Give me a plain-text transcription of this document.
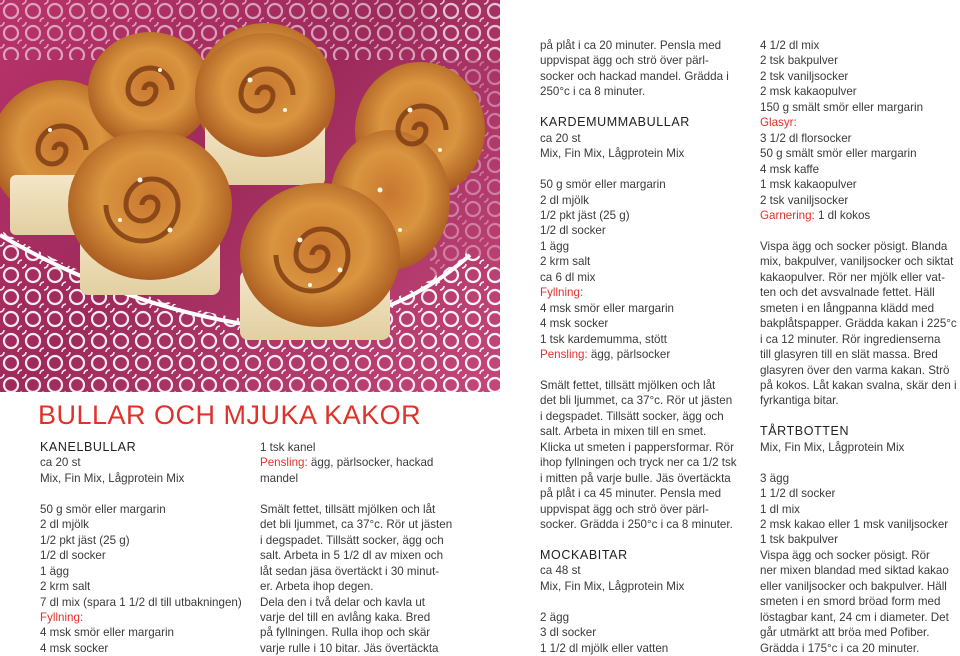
BULLAR OCH MJUKA KAKOR
KANELBULLAR

ca 20 st

Mix, Fin Mix, Lågprotein Mix

50 g smör eller margarin

2 dl mjölk

1/2 pkt jäst (25 g)

1/2 dl socker

1 ägg

2 krm salt

7 dl mix (spara 1 1/2 dl till utbakningen)

Fyllning:

4 msk smör eller margarin

4 msk socker

1 tsk kanel

Pensling: ägg, pärlsocker, hackad

mandel

Smält fettet, tillsätt mjölken och låt

det bli ljummet, ca 37°c. Rör ut jästen

i degspadet. Tillsätt socker, ägg och

salt. Arbeta in 5 1/2 dl av mixen och

låt sedan jäsa övertäckt i 30 minut-

er. Arbeta ihop degen.

Dela den i två delar och kavla ut

varje del till en avlång kaka. Bred

på fyllningen. Rulla ihop och skär

varje rulle i 10 bitar. Jäs övertäckta

på plåt i ca 20 minuter. Pensla med

uppvispat ägg och strö över pärl-

socker och hackad mandel. Grädda i

250°c i ca 8 minuter.

KARDEMUMMABULLAR

ca 20 st

Mix, Fin Mix, Lågprotein Mix

50 g smör eller margarin

2 dl mjölk

1/2 pkt jäst (25 g)

1/2 dl socker

1 ägg

2 krm salt

ca 6 dl mix

Fyllning:

4 msk smör eller margarin

4 msk socker

1 tsk kardemumma, stött

Pensling: ägg, pärlsocker

Smält fettet, tillsätt mjölken och låt

det bli ljummet, ca 37°c. Rör ut jästen

i degspadet. Tillsätt socker, ägg och

salt. Arbeta in mixen till en smet.

Klicka ut smeten i pappersformar. Rör

ihop fyllningen och tryck ner ca 1/2 tsk

i mitten på varje bulle. Jäs övertäckta

på plåt i ca 45 minuter. Pensla med

uppvispat ägg och strö över pärl-

socker. Grädda i 250°c i ca 8 minuter.

MOCKABITAR

ca 48 st

Mix, Fin Mix, Lågprotein Mix

2 ägg

3 dl socker

1 1/2 dl mjölk eller vatten

4 1/2 dl mix

2 tsk bakpulver

2 tsk vaniljsocker

2 msk kakaopulver

150 g smält smör eller margarin

Glasyr:

3 1/2 dl florsocker

50 g smält smör eller margarin

4 msk kaffe

1 msk kakaopulver

2 tsk vaniljsocker

Garnering: 1 dl kokos

Vispa ägg och socker pösigt. Blanda

mix, bakpulver, vaniljsocker och siktat

kakaopulver. Rör ner mjölk eller vat-

ten och det avsvalnade fettet. Häll

smeten i en långpanna klädd med

bakplåtspapper. Grädda kakan i 225°c

i ca 12 minuter. Rör ingredienserna

till glasyren till en slät massa. Bred

glasyren över den varma kakan. Strö

på kokos. Låt kakan svalna, skär den i

fyrkantiga bitar.

TÅRTBOTTEN

Mix, Fin Mix, Lågprotein Mix

3 ägg

1 1/2 dl socker

1 dl mix

2 msk kakao eller 1 msk vaniljsocker

1 tsk bakpulver

Vispa ägg och socker pösigt. Rör

ner mixen blandad med siktad kakao

eller vaniljsocker och bakpulver. Häll

smeten i en smord bröad form med

löstagbar kant, 24 cm i diameter. Det

går utmärkt att bröa med Pofiber.

Grädda i 175°c i ca 20 minuter.
